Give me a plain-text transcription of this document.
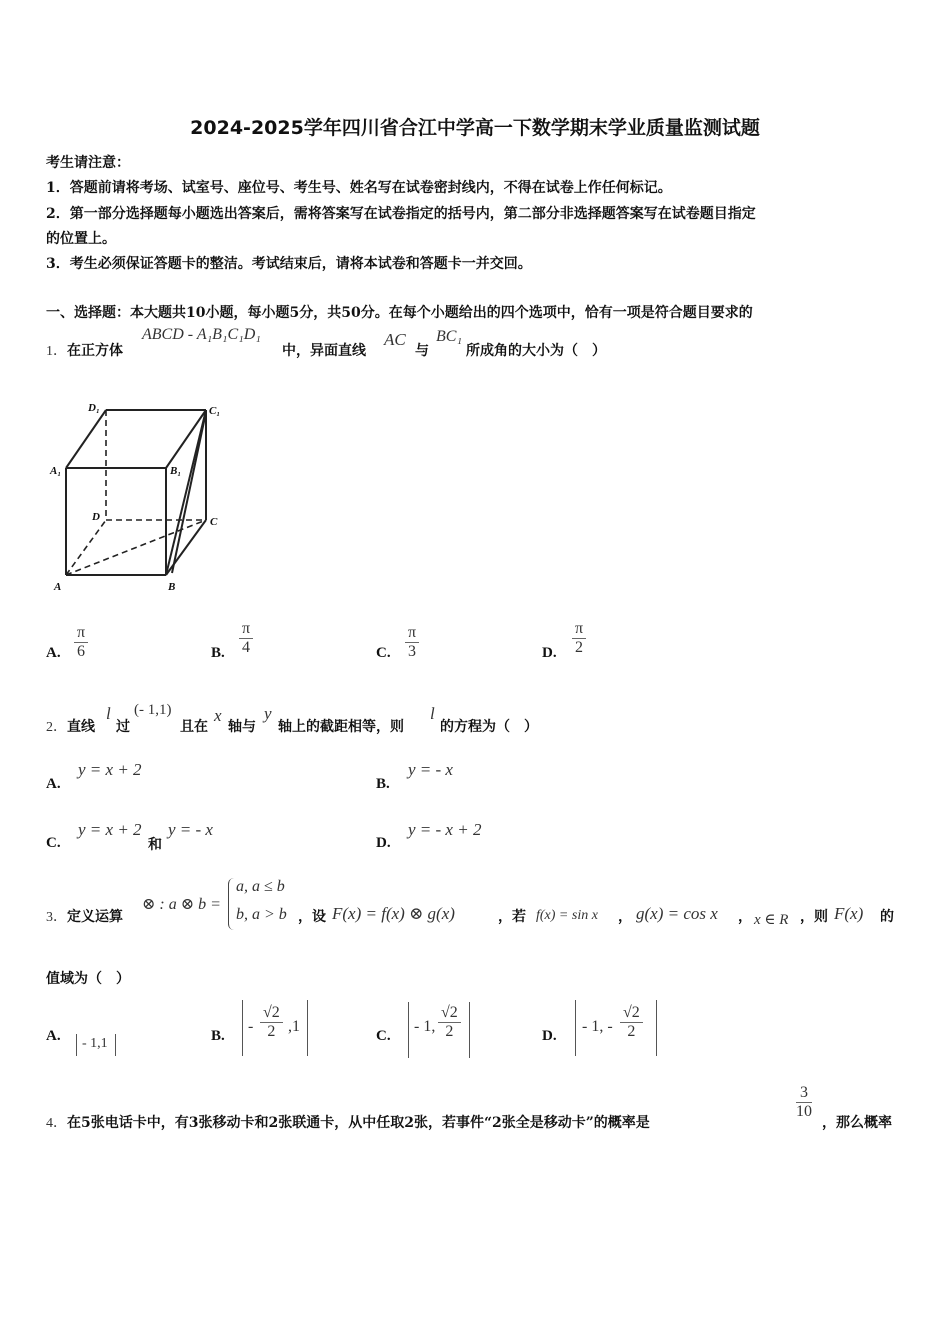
2024-2025学年四川省合江中学高一下数学期末学业质量监测试题
考生请注意：
1．答题前请将考场、试室号、座位号、考生号、姓名写在试卷密封线内，不得在试卷上作任何标记。
2．第一部分选择题每小题选出答案后，需将答案写在试卷指定的括号内，第二部分非选择题答案写在试卷题目指定
的位置上。
3．考生必须保证答题卡的整洁。考试结束后，请将本试卷和答题卡一并交回。
一、选择题：本大题共10小题，每小题5分，共50分。在每个小题给出的四个选项中，恰有一项是符合题目要求的
1．在正方体
ABCD - A₁B₁C₁D₁
中，异面直线
AC
与
BC₁
所成角的大小为（　）
D₁	C₁
A₁	B₁
D	C
A	B
A. $\frac{\pi}{6}$	B. $\frac{\pi}{4}$	C. $\frac{\pi}{3}$	D. $\frac{\pi}{2}$
2．直线
l
过
(- 1,1)
且在
x
轴与
y
轴上的截距相等，则
l
的方程为（　）
A.
y = x + 2
B.
y = - x
C.
y = x + 2
和
y = - x
D.
y = - x + 2
3．定义运算
⊗ : a ⊗ b =
a, a ≤ b
b, a > b ，设 F(x) = f(x) ⊗ g(x)	，若 f(x) = sin x ， g(x) = cos x ， x ∈ R ，则 F(x) 的
值域为（　）
A. - 1,1	B.
- $\frac{√2}{2} ,1$
C.
- 1, $\frac{√2}{2}$	D.
- 1, - $\frac{√2}{2}$
4．在5张电话卡中，有3张移动卡和2张联通卡，从中任取2张，若事件“2张全是移动卡”的概率是
$\frac{3}{10}$
，那么概率
